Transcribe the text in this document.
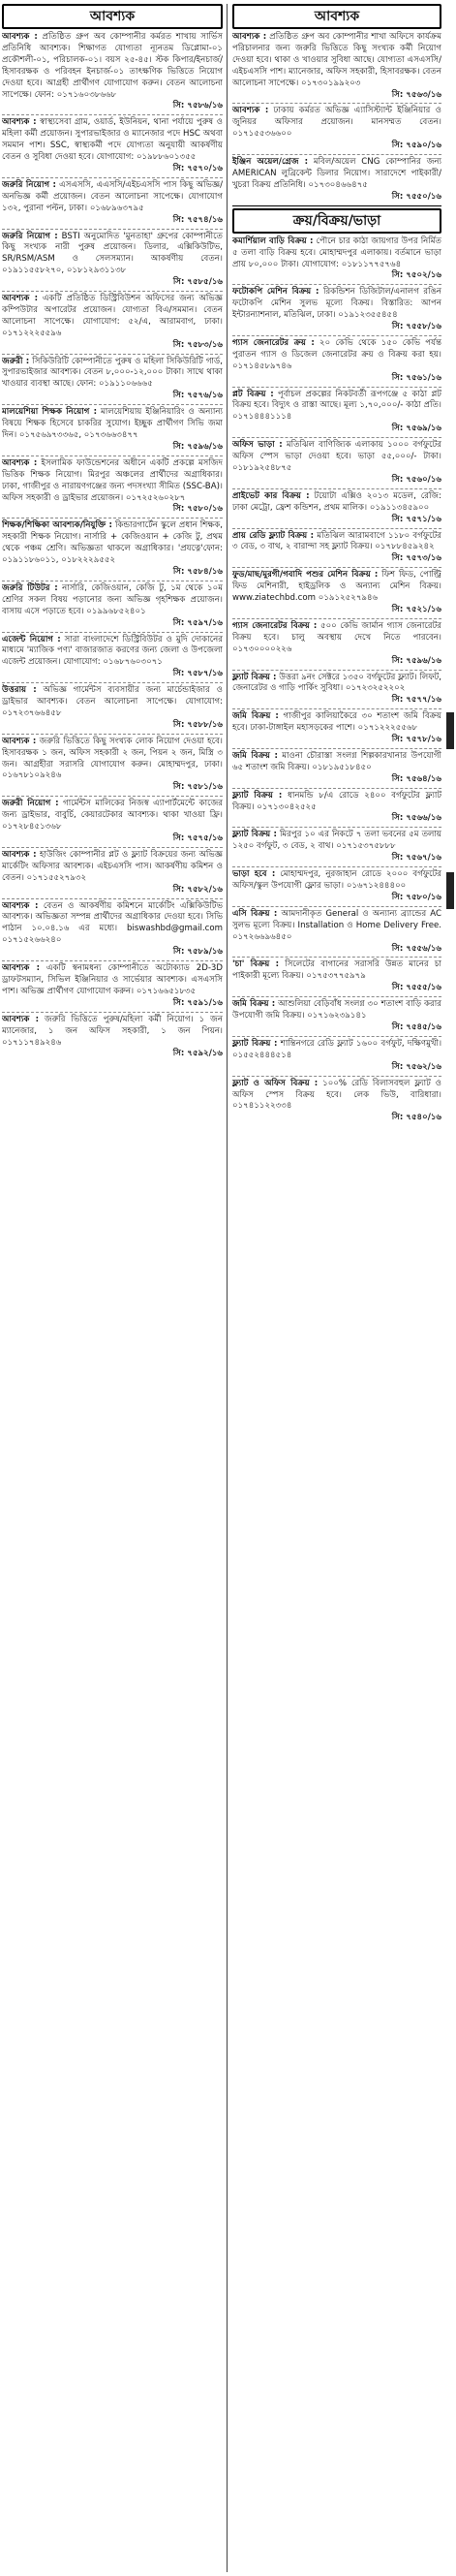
আবশ্যক

আবশ্যক : প্রতিষ্ঠিত গ্রুপ অব কোম্পানীর কর্মরত শাখায় সার্ভিস প্রতিনিধি আবশ্যক। শিক্ষাগত যোগ্যতা ন্যূনতম ডিপ্লোমা-০১ প্রকৌশলী-০১, পরিচালক-০১। বয়স ২৫-৪৫। স্টক কিপার/ইনচার্জ/হিসাবরক্ষক ও পরিবহন ইনচার্জ-০১ তাৎক্ষণিক ভিত্তিতে নিয়োগ দেওয়া হবে। আগ্রহী প্রার্থীগণ যোগাযোগ করুন। বেতন আলোচনা সাপেক্ষে। ফোন: ০১৭১৬০৩৮৬৬৮
সি: ৭৫৮৬/১৬

আবশ্যক : স্বাস্থ্যসেবা গ্রাম, ওয়ার্ড, ইউনিয়ন, থানা পর্যায়ে পুরুষ ও মহিলা কর্মী প্রয়োজন। সুপারভাইজার ও ম্যানেজার পদে HSC অথবা সমমান পাশ। SSC, স্বাস্থ্যকর্মী পদে যোগ্যতা অনুযায়ী আকর্ষণীয় বেতন ও সুবিধা দেওয়া হবে। যোগাযোগ: ০১৯৮৮৬০১৩৫৫
সি: ৭৫৭০/১৬

জরুরি নিয়োগ : এসএসসি, এএসসি/এইচএসসি পাস কিছু অভিজ্ঞ/অনভিজ্ঞ কর্মী প্রয়োজন। বেতন আলোচনা সাপেক্ষে। যোগাযোগ ১৩২, পুরানা পল্টন, ঢাকা। ০১৬৮৯৬৩৭৯৫
সি: ৭৫৭৪/১৬

জরুরি নিয়োগ : BSTI অনুমোদিত 'মুনতাহা' গ্রুপের কোম্পানীতে কিছু সংখ্যক নারী পুরুষ প্রয়োজন। ডিলার, এক্সিকিউটিভ, SR/RSM/ASM ও সেলসম্যান। আকর্ষণীয় বেতন। ০১৯১১৫৫৮২৭০, ০১৮১২৯৩১১৩৮
সি: ৭৫৮৫/১৬

আবশ্যক : একটি প্রতিষ্ঠিত ডিস্ট্রিবিউশন অফিসের জন্য অভিজ্ঞ কম্পিউটার অপারেটর প্রয়োজন। যোগ্যতা বিএ/সমমান। বেতন আলোচনা সাপেক্ষে। যোগাযোগ: ৫২/এ, আরামবাগ, ঢাকা। ০১৭১২২২৫৫৯৬
সি: ৭৫৮৩/১৬

জরুরী : সিকিউরিটি কোম্পানীতে পুরুষ ও মহিলা সিকিউরিটি গার্ড, সুপারভাইজার আবশ্যক। বেতন ৮,০০০-১২,০০০ টাকা। সাথে থাকা খাওয়ার ব্যবস্থা আছে। ফোন: ০১৯১১০৬৬৬৫
সি: ৭৫৭৬/১৬

মালয়েশিয়া শিক্ষক নিয়োগ : মালয়েশিয়ায় ইঞ্জিনিয়ারিং ও অন্যান্য বিষয়ে শিক্ষক হিসেবে চাকরির সুযোগ। ইচ্ছুক প্রার্থীগণ সিভি জমা দিন। ০১৭৫৬৯৭৩৩৬৫, ০১৭৩৬৬৩৪৭৭
সি: ৭৫৯৬/১৬

আবশ্যক : ইসলামিক ফাউন্ডেশনের অধীনে একটি প্রকল্পে মসজিদ ভিত্তিক শিক্ষক নিয়োগ। মিরপুর অঞ্চলের প্রার্থীদের অগ্রাধিকার। ঢাকা, গাজীপুর ও নারায়ণগঞ্জের জন্য পদসংখ্যা সীমিত (SSC-BA)। অফিস সহকারী ও ড্রাইভার প্রয়োজন। ০১৭২৫২৬০২৮৭
সি: ৭৫৮০/১৬

শিক্ষক/শিক্ষিকা আবশ্যক/নিযুক্তি : কিন্ডারগার্টেন স্কুলে প্রধান শিক্ষক, সহকারী শিক্ষক নিয়োগ। নার্সারি + কেজিওয়ান + কেজি টু, প্রথম থেকে পঞ্চম শ্রেণি। অভিজ্ঞতা থাকলে অগ্রাধিকার। 'প্রযত্নে'ফোন: ০১৯১১৮৬০১১, ০১৮২২২৯৫৫২
সি: ৭৫৮৪/১৬

জরুরি টিউটর : নার্সারি, কেজিওয়ান, কেজি টু, ১ম থেকে ১০ম শ্রেণির সকল বিষয় পড়ানোর জন্য অভিজ্ঞ গৃহশিক্ষক প্রয়োজন। বাসায় এসে পড়াতে হবে। ০১৯৯৬৮৫২৪০১
সি: ৭৫৯৭/১৬

এজেন্ট নিয়োগ : সারা বাংলাদেশে ডিস্ট্রিবিউটর ও মুদি দোকানের মাধ্যমে 'ম্যাজিক পণ্য' বাজারজাত করণের জন্য জেলা ও উপজেলা এজেন্ট প্রয়োজন। যোগাযোগ: ০১৬৮৭৬০৩০৭১
সি: ৭৫৮৭/১৬

উত্তরায় : অভিজ্ঞ গার্মেন্টস ব্যবসায়ীর জন্য মার্চেন্ডাইজার ও ড্রাইভার আবশ্যক। বেতন আলোচনা সাপেক্ষে। যোগাযোগ: ০১৭২৩৭৬৬৪৫৮
সি: ৭৫৮৮/১৬

আবশ্যক : জরুরি ভিত্তিতে কিছু সংখ্যক লোক নিয়োগ দেওয়া হবে। হিসাবরক্ষক ১ জন, অফিস সহকারী ২ জন, পিয়ন ২ জন, মিস্ত্রি ৩ জন। আগ্রহীরা সরাসরি যোগাযোগ করুন। মোহাম্মদপুর, ঢাকা। ০১৬৭৮১০৯২৪৬
সি: ৭৫৮১/১৬

জরুরী নিয়োগ : গার্মেন্টস মালিকের নিজস্ব এ্যাপার্টমেন্টে কাজের জন্য ড্রাইভার, বাবুর্চি, কেয়ারটেকার আবশ্যক। থাকা খাওয়া ফ্রি। ০১৭২৮৪৫১৩৬৮
সি: ৭৫৭৫/১৬

আবশ্যক : হাউজিং কোম্পানীর প্লট ও ফ্ল্যাট বিক্রয়ের জন্য অভিজ্ঞ মার্কেটিং অফিসার আবশ্যক। এইচএসসি পাস। আকর্ষণীয় কমিশন ও বেতন। ০১৭১৫৫২৭৯৩২
সি: ৭৫৮২/১৬

আবশ্যক : বেতন ও আকর্ষণীয় কমিশনে মার্কেটিং এক্সিকিউটিভ আবশ্যক। অভিজ্ঞতা সম্পন্ন প্রার্থীদের অগ্রাধিকার দেওয়া হবে। সিভি পাঠান ১০.০৪.১৬ এর মধ্যে। biswashbd@gmail.com ০১৭১৫২৬৬২৪০
সি: ৭৫৮৯/১৬

আবশ্যক : একটি স্বনামধন্য কোম্পানীতে অটোক্যাড 2D-3D ড্রাফটসম্যান, সিভিল ইঞ্জিনিয়ার ও সার্ভেয়ার আবশ্যক। এসএসসি পাশ। অভিজ্ঞ প্রার্থীগণ যোগাযোগ করুন। ০১৭১৬৬৫১৮৩৫
সি: ৭৫৯১/১৬

আবশ্যক : জরুরি ভিত্তিতে পুরুষ/মহিলা কর্মী নিয়োগ। ১ জন ম্যানেজার, ১ জন অফিস সহকারী, ১ জন পিয়ন। ০১৭১১৭৪৯২৪৬
সি: ৭৫৯২/১৬

আবশ্যক

আবশ্যক : প্রতিষ্ঠিত গ্রুপ অব কোম্পানীর শাখা অফিসে কার্যক্রম পরিচালনার জন্য জরুরি ভিত্তিতে কিছু সংখ্যক কর্মী নিয়োগ দেওয়া হবে। থাকা ও খাওয়ার সুবিধা আছে। যোগ্যতা এসএসসি/এইচএসসি পাশ। ম্যানেজার, অফিস সহকারী, হিসাবরক্ষক। বেতন আলোচনা সাপেক্ষে। ০১৭৩০১৯৯২০৩
সি: ৭৫৬৩/১৬

আবশ্যক : ঢাকায় কর্মরত অভিজ্ঞ এ্যাসিস্ট্যান্ট ইঞ্জিনিয়ার ও জুনিয়র অফিসার প্রয়োজন। মানসম্মত বেতন। ০১৭১৫৫৩৬৬০০
সি: ৭৫৯০/১৬

ইঞ্জিন অয়েল/গ্রেজ : মবিল/অয়েল CNG কোম্পানির জন্য AMERICAN লুব্রিকেন্ট ডিলার নিয়োগ। সারাদেশে পাইকারী/খুচরা বিক্রয় প্রতিনিধি। ০১৭৩০৪৬৬৪৭৫
সি: ৭৫৫০/১৬

ক্রয়/বিক্রয়/ভাড়া

কমার্শিয়াল বাড়ি বিক্রয় : পৌনে চার কাঠা জায়গার উপর নির্মিত ৫ তলা বাড়ি বিক্রয় হবে। মোহাম্মদপুর এলাকায়। বর্তমানে ভাড়া প্রায় ৮০,০০০ টাকা। যোগাযোগ: ০১৮১১৭৭৫৭৬৪
সি: ৭৫০২/১৬

ফটোকপি মেশিন বিক্রয় : রিকন্ডিশন ডিজিটাল/এনালগ রঙিন ফটোকপি মেশিন সুলভ মূল্যে বিক্রয়। বিস্তারিত: আপন ইন্টারন্যাশনাল, মতিঝিল, ঢাকা। ০১৯১২৩৫৫৪৫৪
সি: ৭৫৫৮/১৬

গ্যাস জেনারেটর ক্রয় : ২০ কেভি থেকে ১৫০ কেভি পর্যন্ত পুরাতন গ্যাস ও ডিজেল জেনারেটর ক্রয় ও বিক্রয় করা হয়। ০১৭১৪৫৮৯৭৪৬
সি: ৭৫৬১/১৬

প্লট বিক্রয় : পূর্বাচল প্রকল্পের নিকটবর্তী রূপগঞ্জে ৫ কাঠা প্লট বিক্রয় হবে। বিদ্যুৎ ও রাস্তা আছে। মূল্য ১,৭০,০০০/- কাঠা প্রতি। ০১৭১৪৪৪১১১৪
সি: ৭৫৬৯/১৬

অফিস ভাড়া : মতিঝিল বাণিজ্যিক এলাকায় ১০০০ বর্গফুটের অফিস স্পেস ভাড়া দেওয়া হবে। ভাড়া ৫৫,০০০/- টাকা। ০১৮১৯২৫৪৮৭৫
সি: ৭৫৬০/১৬

প্রাইভেট কার বিক্রয় : টয়োটা এক্সিও ২০১৩ মডেল, রেজি: ঢাকা মেট্রো, ফ্রেশ কন্ডিশন, প্রথম মালিক। ০১৯১১৩৪৫৯০০
সি: ৭৫৭১/১৬

প্রায় রেডি ফ্ল্যাট বিক্রয় : মতিঝিল আরামবাগে ১১৮০ বর্গফুটের ৩ বেড, ৩ বাথ, ২ বারান্দা সহ ফ্ল্যাট বিক্রয়। ০১৭৮৮৪৫৯২৪২
সি: ৭৫৭৩/১৬

ফুড/মাছ/মুরগী/গবাদি পশুর মেশিন বিক্রয় : ফিশ ফিড, পোল্ট্রি ফিড মেশিনারী, হাইড্রলিক ও অন্যান্য মেশিন বিক্রয়। www.ziatechbd.com ০১৯১২৫২৭৯৪৬
সি: ৭৫২১/১৬

গ্যাস জেনারেটর বিক্রয় : ৫০০ কেভি জার্মান গ্যাস জেনারেটর বিক্রয় হবে। চালু অবস্থায় দেখে নিতে পারবেন। ০১৭৩০০০০২২৬
সি: ৭৫৯৬/১৬

ফ্ল্যাট বিক্রয় : উত্তরা ৯নং সেক্টরে ১৩৫০ বর্গফুটের ফ্ল্যাট। লিফট, জেনারেটর ও গাড়ি পার্কিং সুবিধা। ০১৭২৩২৫২২০২
সি: ৭৫৭৭/১৬

জমি বিক্রয় : গাজীপুর কালিয়াকৈরে ৩০ শতাংশ জমি বিক্রয় হবে। ঢাকা-টাঙ্গাইল মহাসড়কের পাশে। ০১৭১২২২৫৫৬৮
সি: ৭৫৭৮/১৬

জমি বিক্রয় : মাওনা চৌরাস্তা সংলগ্ন শিল্পকারখানার উপযোগী ৬৫ শতাংশ জমি বিক্রয়। ০১৮১৯৫১৮৪৫০
সি: ৭৫৬৪/১৬

ফ্ল্যাট বিক্রয় : ধানমন্ডি ৮/এ রোডে ২৪০০ বর্গফুটের ফ্ল্যাট বিক্রয়। ০১৭১৩০৪২৫২৫
সি: ৭৫৬৬/১৬

ফ্ল্যাট বিক্রয় : মিরপুর ১০ এর নিকটে ৭ তলা ভবনের ৫ম তলায় ১২৫০ বর্গফুট, ৩ বেড, ২ বাথ। ০১৭১৫৩৭৫৮৮৮
সি: ৭৫৬৭/১৬

ভাড়া হবে : মোহাম্মদপুর, নুরজাহান রোডে ২০০০ বর্গফুটের অফিস/স্কুল উপযোগী ফ্লোর ভাড়া। ০১৬৭১২৪৪৪০০
সি: ৭৫৮০/১৬

এসি বিক্রয় : আমদানীকৃত General ও অন্যান্য ব্র্যান্ডের AC সুলভ মূল্যে বিক্রয়। Installation ও Home Delivery Free. ০১৭২৬৬৯৬৪৫০
সি: ৭৫৫৬/১৬

'চা' বিক্রয় : সিলেটের বাগানের সরাসরি উন্নত মানের চা পাইকারী মূল্যে বিক্রয়। ০১৭৫৩৭৭৫৯৭৯
সি: ৭৫৫৫/১৬

জমি বিক্রয় : আশুলিয়া বেড়িবাঁধ সংলগ্ন ৩০ শতাংশ বাড়ি করার উপযোগী জমি বিক্রয়। ০১৭১৬২৩৯১৪১
সি: ৭৫৪৫/১৬

ফ্ল্যাট বিক্রয় : শান্তিনগরে রেডি ফ্ল্যাট ১৬০০ বর্গফুট, দক্ষিণমুখী। ০১৫৫২৪৪৪৫১৪
সি: ৭৫৬২/১৬

ফ্ল্যাট ও অফিস বিক্রয় : ১০০% রেডি বিলাসবহুল ফ্ল্যাট ও অফিস স্পেস বিক্রয় হবে। লেক ভিউ, বারিধারা। ০১৭৪১১২২৩৩৪
সি: ৭৫৪০/১৬
